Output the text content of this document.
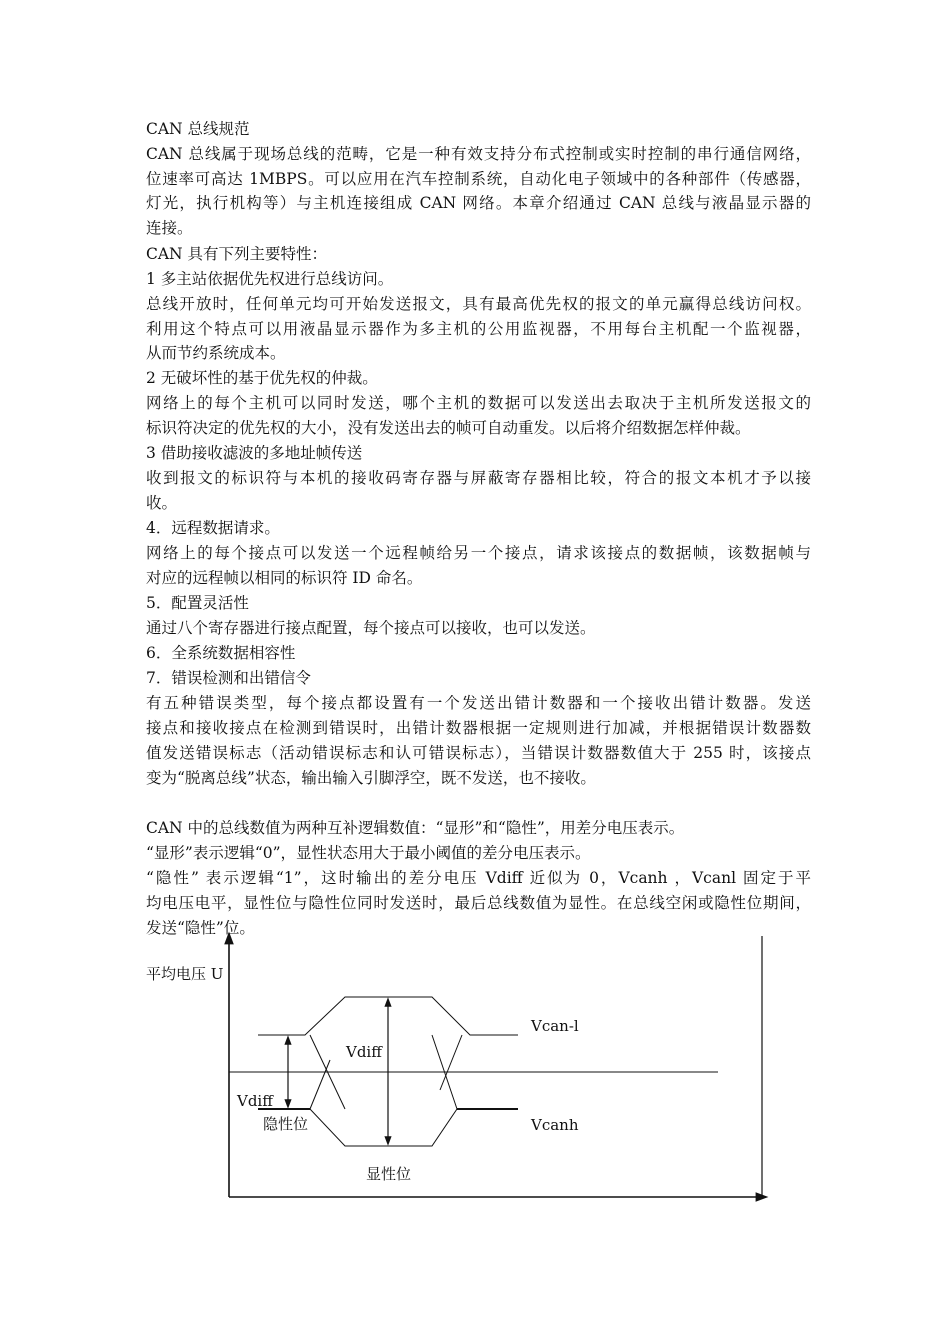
CAN 总线规范
CAN 总线属于现场总线的范畴，它是一种有效支持分布式控制或实时控制的串行通信网络，
位速率可高达 1MBPS。可以应用在汽车控制系统，自动化电子领域中的各种部件（传感器，
灯光，执行机构等）与主机连接组成 CAN 网络。本章介绍通过 CAN 总线与液晶显示器的
连接。
CAN 具有下列主要特性：
1 多主站依据优先权进行总线访问。
总线开放时，任何单元均可开始发送报文，具有最高优先权的报文的单元赢得总线访问权。
利用这个特点可以用液晶显示器作为多主机的公用监视器，不用每台主机配一个监视器，
从而节约系统成本。
2 无破坏性的基于优先权的仲裁。
网络上的每个主机可以同时发送，哪个主机的数据可以发送出去取决于主机所发送报文的
标识符决定的优先权的大小，没有发送出去的帧可自动重发。以后将介绍数据怎样仲裁。
3 借助接收滤波的多地址帧传送
收到报文的标识符与本机的接收码寄存器与屏蔽寄存器相比较，符合的报文本机才予以接
收。
4．远程数据请求。
网络上的每个接点可以发送一个远程帧给另一个接点，请求该接点的数据帧，该数据帧与
对应的远程帧以相同的标识符 ID 命名。
5．配置灵活性
通过八个寄存器进行接点配置，每个接点可以接收，也可以发送。
6．全系统数据相容性
7．错误检测和出错信令
有五种错误类型，每个接点都设置有一个发送出错计数器和一个接收出错计数器。发送
接点和接收接点在检测到错误时，出错计数器根据一定规则进行加减，并根据错误计数器数
值发送错误标志（活动错误标志和认可错误标志），当错误计数器数值大于 255 时，该接点
变为“脱离总线”状态，输出输入引脚浮空，既不发送，也不接收。
CAN 中的总线数值为两种互补逻辑数值：“显形”和“隐性”，用差分电压表示。
“显形”表示逻辑“0”，显性状态用大于最小阈值的差分电压表示。
“隐性” 表示逻辑“1”，这时输出的差分电压 Vdiff 近似为 0，Vcanh ，Vcanl 固定于平
均电压电平，显性位与隐性位同时发送时，最后总线数值为显性。在总线空闲或隐性位期间，
发送“隐性”位。
平均电压 U
Vcan-l
Vdiff
Vdiff
隐性位	Vcanh
显性位
